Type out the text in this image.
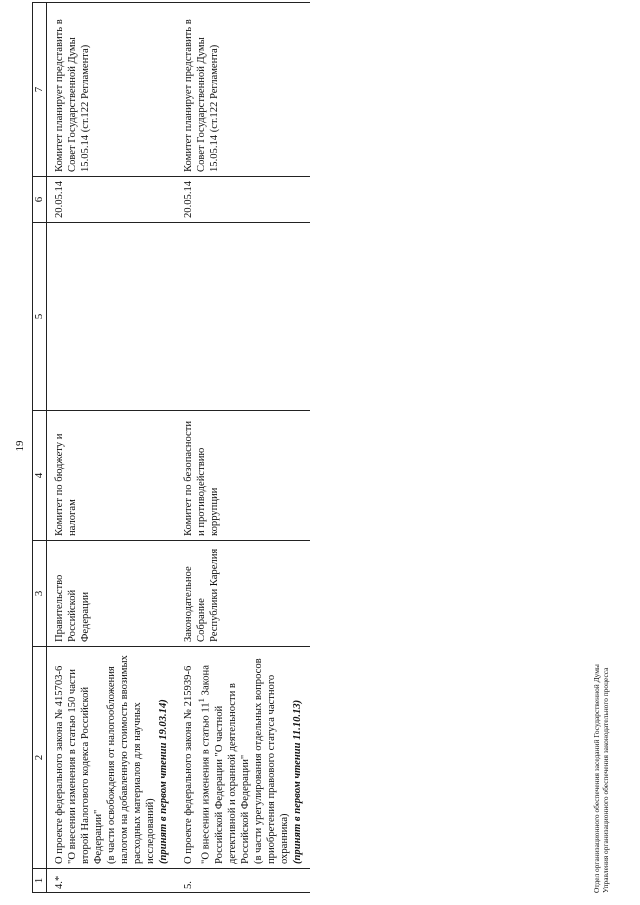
19
1	2	3	4	5	6	7
4.*	О проекте федерального закона № 415703-6 "О внесении изменения в статью 150 части второй Налогового кодекса Российской Федерации" (в части освобождения от налогообложения налогом на добавленную стоимость ввозимых расходных материалов для научных исследований) (принят в первом чтении 19.03.14)	Правительство Российской Федерации	Комитет по бюджету и налогам		20.05.14	Комитет планирует представить в Совет Государственной Думы 15.05.14 (ст.122 Регламента)
5.	О проекте федерального закона № 215939-6 "О внесении изменения в статью $11^1$ Закона Российской Федерации "О частной детективной и охранной деятельности в Российской Федерации" (в части урегулирования отдельных вопросов приобретения правового статуса частного охранника) (принят в первом чтении 11.10.13)	Законодательное Собрание Республики Карелия	Комитет по безопасности и противодействию коррупции		20.05.14	Комитет планирует представить в Совет Государственной Думы 15.05.14 (ст.122 Регламента)
Отдел организационного обеспечения заседаний Государственной Думы Управления организационного обеспечения законодательного процесса
